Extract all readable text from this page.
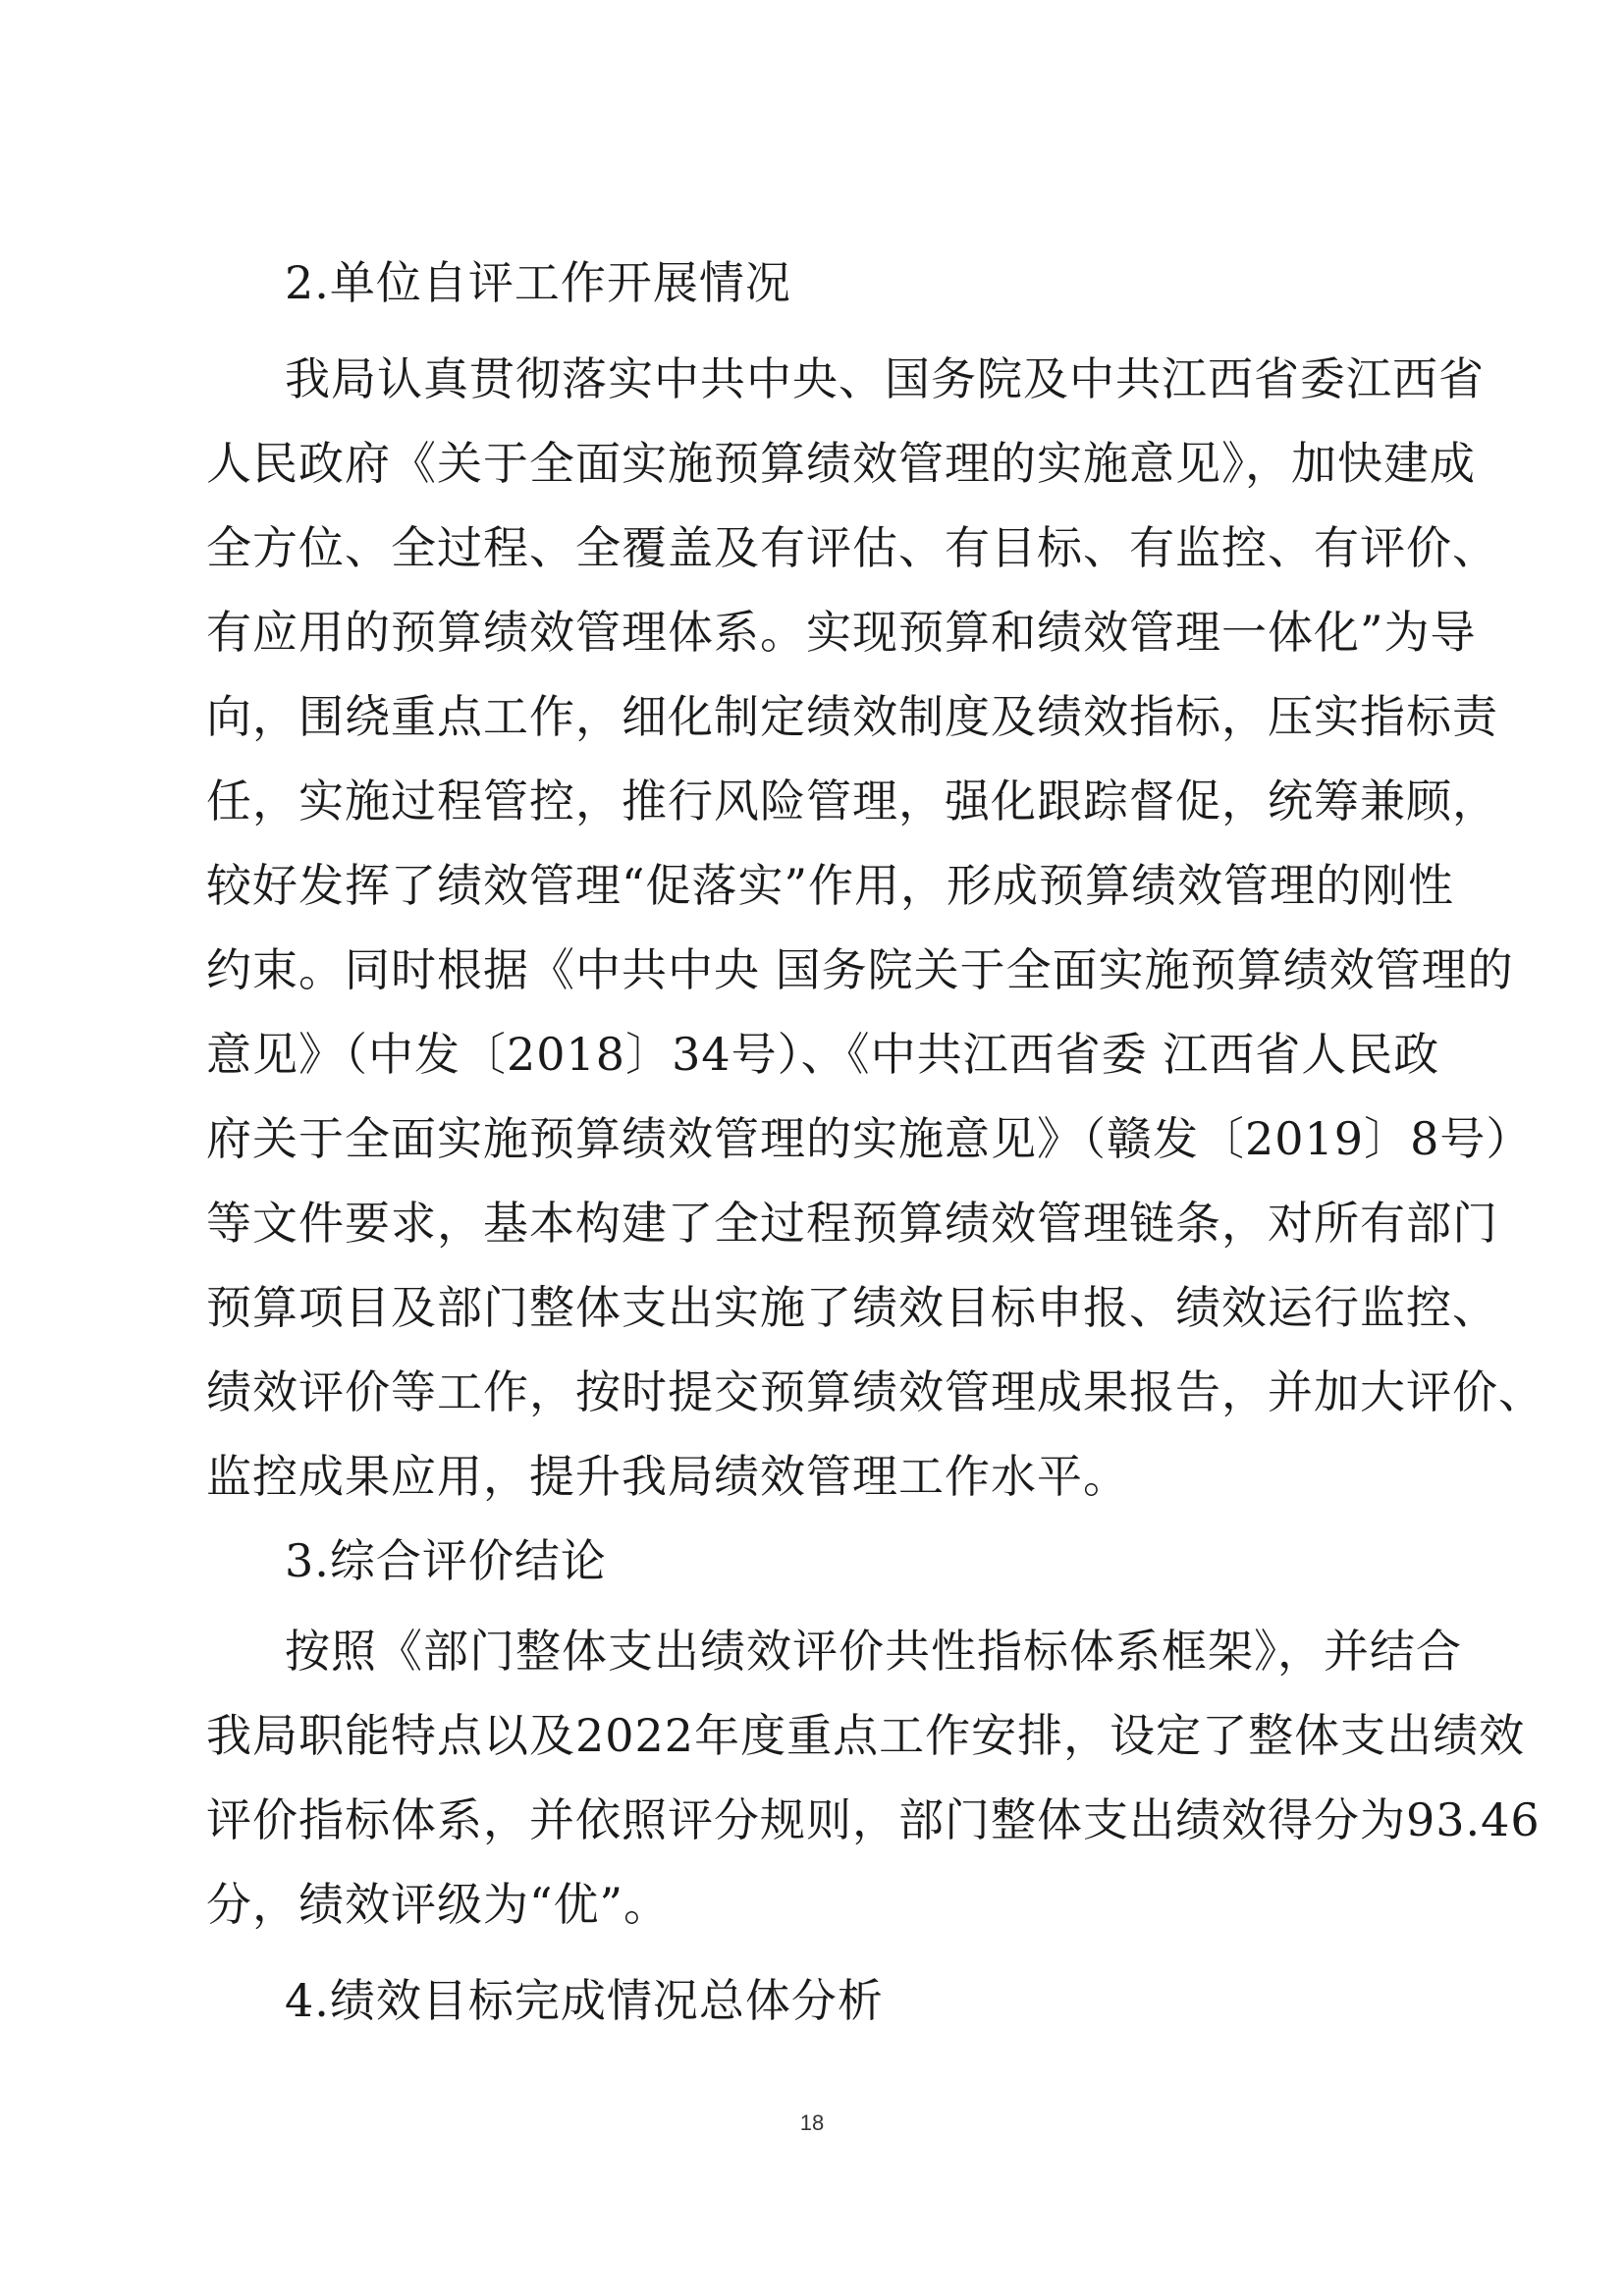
2.单位自评工作开展情况
我局认真贯彻落实中共中央、国务院及中共江西省委江西省
人民政府《关于全面实施预算绩效管理的实施意见》，加快建成
全方位、全过程、全覆盖及有评估、有目标、有监控、有评价、
有应用的预算绩效管理体系。实现预算和绩效管理一体化”为导
向，围绕重点工作，细化制定绩效制度及绩效指标，压实指标责
任，实施过程管控，推行风险管理，强化跟踪督促，统筹兼顾，
较好发挥了绩效管理“促落实”作用，形成预算绩效管理的刚性
约束。同时根据《中共中央 国务院关于全面实施预算绩效管理的
意见》（中发〔2018〕34号）、《中共江西省委 江西省人民政
府关于全面实施预算绩效管理的实施意见》（赣发〔2019〕8号）
等文件要求，基本构建了全过程预算绩效管理链条，对所有部门
预算项目及部门整体支出实施了绩效目标申报、绩效运行监控、
绩效评价等工作，按时提交预算绩效管理成果报告，并加大评价、
监控成果应用，提升我局绩效管理工作水平。
3.综合评价结论
按照《部门整体支出绩效评价共性指标体系框架》，并结合
我局职能特点以及2022年度重点工作安排，设定了整体支出绩效
评价指标体系，并依照评分规则，部门整体支出绩效得分为93.46
分，绩效评级为“优”。
4.绩效目标完成情况总体分析
18
